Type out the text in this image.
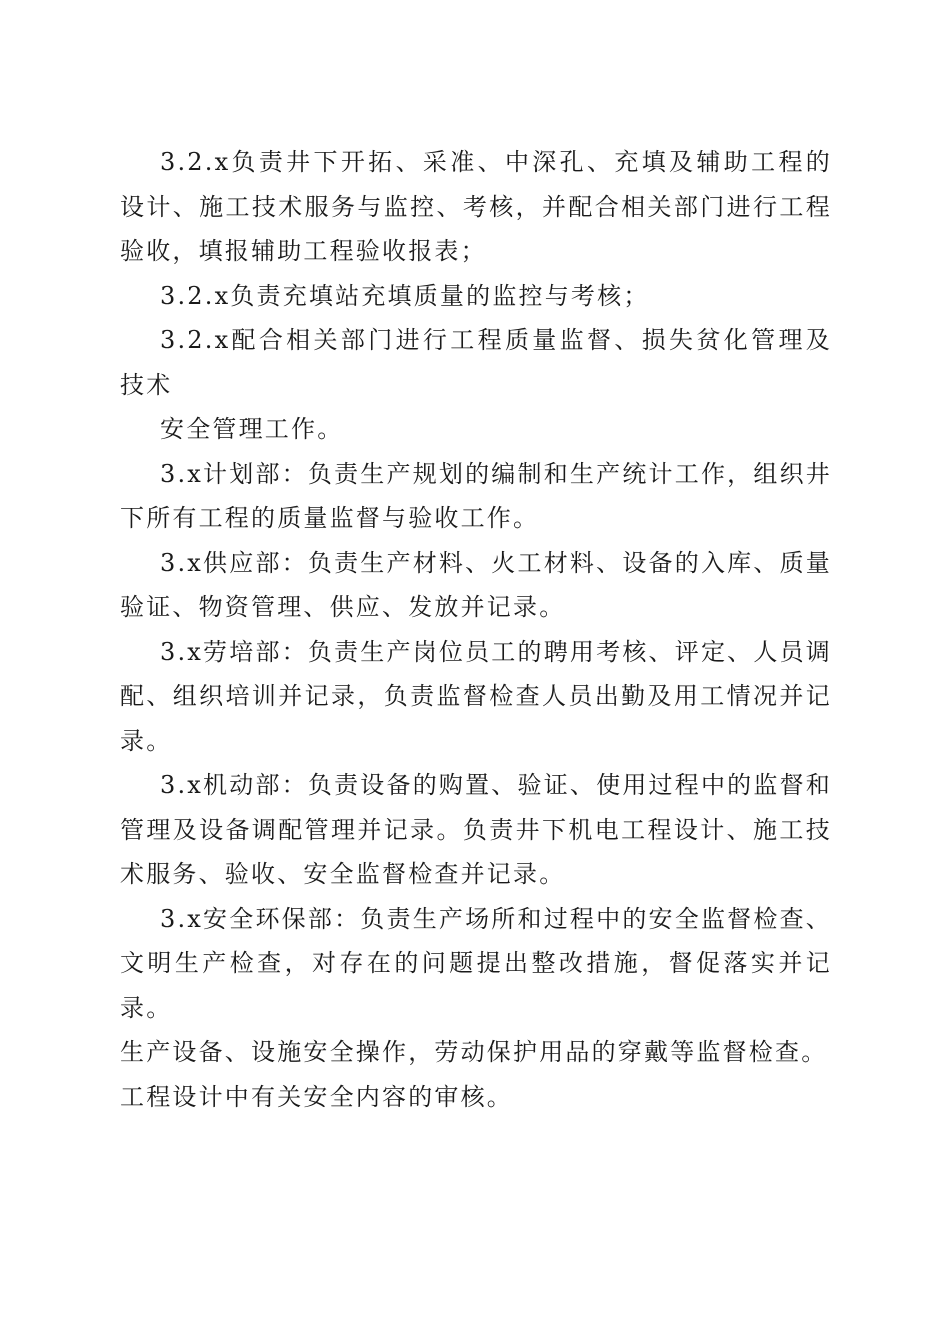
3.2.x负责井下开拓、采准、中深孔、充填及辅助工程的设计、施工技术服务与监控、考核，并配合相关部门进行工程验收，填报辅助工程验收报表；

3.2.x负责充填站充填质量的监控与考核；

3.2.x配合相关部门进行工程质量监督、损失贫化管理及技术

安全管理工作。

3.x计划部：负责生产规划的编制和生产统计工作，组织井下所有工程的质量监督与验收工作。

3.x供应部：负责生产材料、火工材料、设备的入库、质量验证、物资管理、供应、发放并记录。

3.x劳培部：负责生产岗位员工的聘用考核、评定、人员调配、组织培训并记录，负责监督检查人员出勤及用工情况并记录。

3.x机动部：负责设备的购置、验证、使用过程中的监督和管理及设备调配管理并记录。负责井下机电工程设计、施工技术服务、验收、安全监督检查并记录。

3.x安全环保部：负责生产场所和过程中的安全监督检查、文明生产检查，对存在的问题提出整改措施，督促落实并记录。

生产设备、设施安全操作，劳动保护用品的穿戴等监督检查。

工程设计中有关安全内容的审核。
